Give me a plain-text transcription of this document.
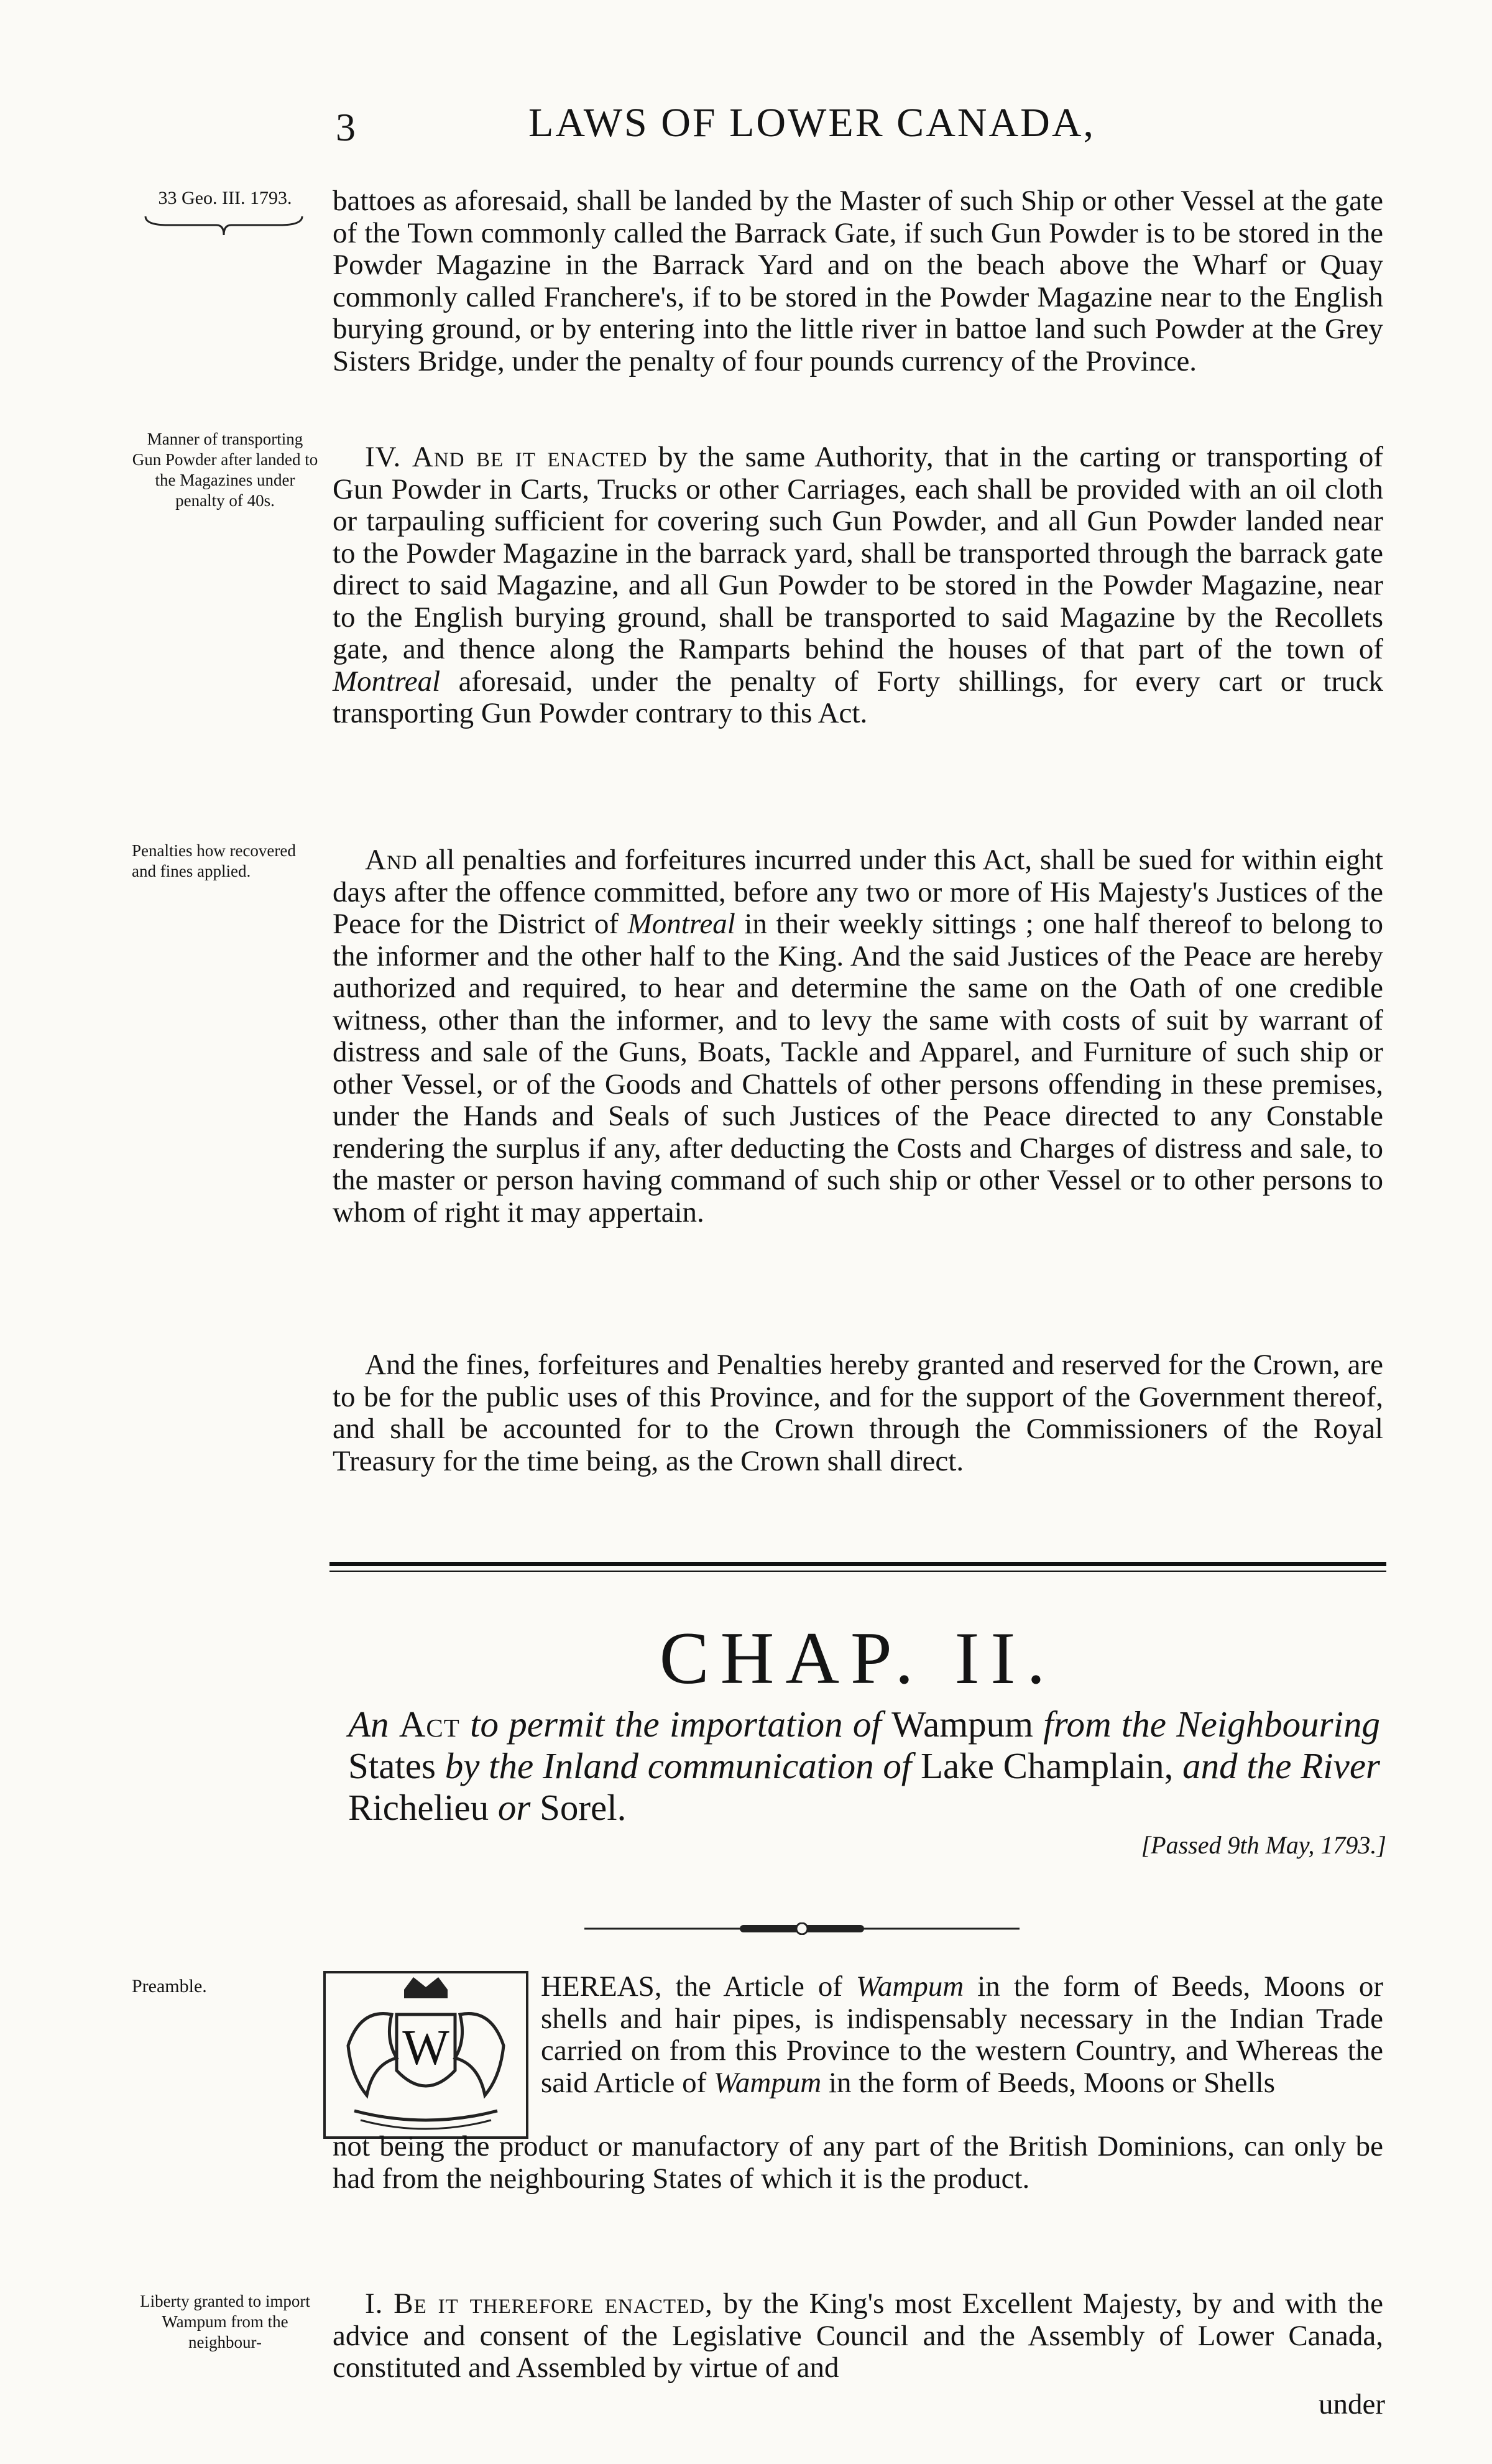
3	LAWS OF LOWER CANADA,
33 Geo. III. 1793.	battoes as aforesaid, shall be landed by the Master of such Ship or other Vessel at the gate of the Town commonly called the Barrack Gate, if such Gun Powder is to be stored in the Powder Magazine in the Barrack Yard and on the beach above the Wharf or Quay commonly called Franchere's, if to be stored in the Powder Magazine near to the English burying ground, or by entering into the little river in battoe land such Powder at the Grey Sisters Bridge, under the penalty of four pounds currency of the Province.

Manner of transporting Gun Powder after landed to the Magazines under penalty of 40s.

IV. And be it enacted by the same Authority, that in the carting or transporting of Gun Powder in Carts, Trucks or other Carriages, each shall be provided with an oil cloth or tarpauling sufficient for covering such Gun Powder, and all Gun Powder landed near to the Powder Magazine in the barrack yard, shall be transported through the barrack gate direct to said Magazine, and all Gun Powder to be stored in the Powder Magazine, near to the English burying ground, shall be transported to said Magazine by the Recollets gate, and thence along the Ramparts behind the houses of that part of the town of Montreal aforesaid, under the penalty of Forty shillings, for every cart or truck transporting Gun Powder contrary to this Act.

Penalties how recovered and fines applied.	And all penalties and forfeitures incurred under this Act, shall be sued for within eight days after the offence committed, before any two or more of His Majesty's Justices of the Peace for the District of Montreal in their weekly sittings ; one half thereof to belong to the informer and the other half to the King. And the said Justices of the Peace are hereby authorized and required, to hear and determine the same on the Oath of one credible witness, other than the informer, and to levy the same with costs of suit by warrant of distress and sale of the Guns, Boats, Tackle and Apparel, and Furniture of such ship or other Vessel, or of the Goods and Chattels of other persons offending in these premises, under the Hands and Seals of such Justices of the Peace directed to any Constable rendering the surplus if any, after deducting the Costs and Charges of distress and sale, to the master or person having command of such ship or other Vessel or to other persons to whom of right it may appertain.

And the fines, forfeitures and Penalties hereby granted and reserved for the Crown, are to be for the public uses of this Province, and for the support of the Government thereof, and shall be accounted for to the Crown through the Commissioners of the Royal Treasury for the time being, as the Crown shall direct.

CHAP. II.
An Act to permit the importation of Wampum from the Neighbouring States by the Inland communication of Lake Champlain, and the River Richelieu or Sorel.
[Passed 9th May, 1793.]
Preamble.
W

HEREAS, the Article of Wampum in the form of Beeds, Moons or shells and hair pipes, is indispensably necessary in the Indian Trade carried on from this Province to the western Country, and Whereas the said Article of Wampum in the form of Beeds, Moons or Shells

not being the product or manufactory of any part of the British Dominions, can only be had from the neighbouring States of which it is the product.

Liberty granted to import Wampum from the neighbour-

I. Be it therefore enacted, by the King's most Excellent Majesty, by and with the advice and consent of the Legislative Council and the Assembly of Lower Canada, constituted and Assembled by virtue of and

under
